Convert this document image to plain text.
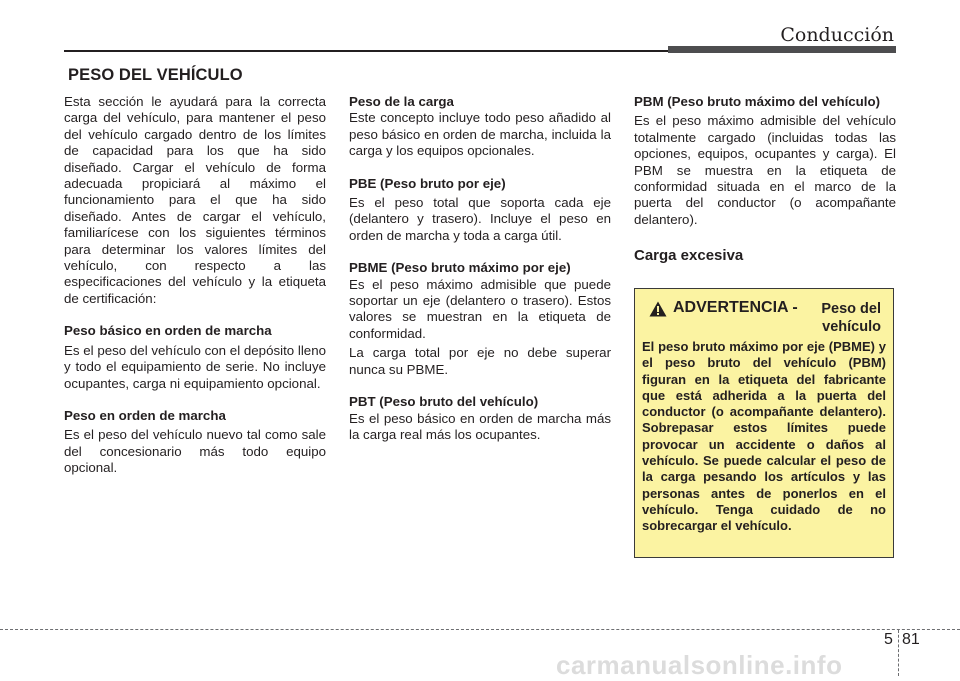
Conducción
PESO DEL VEHÍCULO

Esta sección le ayudará para la correcta carga del vehículo, para mantener el peso del vehículo cargado dentro de los límites de capacidad para los que ha sido diseñado. Cargar el vehículo de forma adecuada propiciará al máximo el funcionamiento para el que ha sido diseñado. Antes de cargar el vehículo, familiarícese con los siguientes términos para determinar los valores límites del vehículo, con respecto a las especificaciones del vehículo y la etiqueta de certificación:

Peso básico en orden de marcha

Es el peso del vehículo con el depósito lleno y todo el equipamiento de serie. No incluye ocupantes, carga ni equipamiento opcional.

Peso en orden de marcha

Es el peso del vehículo nuevo tal como sale del concesionario más todo equipo opcional.

Peso de la carga

Este concepto incluye todo peso añadido al peso básico en orden de marcha, incluida la carga y los equipos opcionales.

PBE (Peso bruto por eje)

Es el peso total que soporta cada eje (delantero y trasero). Incluye el peso en orden de marcha y toda a carga útil.

PBME (Peso bruto máximo por eje)

Es el peso máximo admisible que puede soportar un eje (delantero o trasero). Estos valores se muestran en la etiqueta de conformidad.

La carga total por eje no debe superar nunca su PBME.

PBT (Peso bruto del vehículo)

Es el peso básico en orden de marcha más la carga real más los ocupantes.

PBM (Peso bruto máximo del vehículo)

Es el peso máximo admisible del vehículo totalmente cargado (incluidas todas las opciones, equipos, ocupantes y carga). El PBM se muestra en la etiqueta de conformidad situada en el marco de la puerta del conductor (o acompañante delantero).

Carga excesiva
ADVERTENCIA - Peso del
vehículo

El peso bruto máximo por eje (PBME) y el peso bruto del vehículo (PBM) figuran en la etiqueta del fabricante que está adherida a la puerta del conductor (o acompañante delantero). Sobrepasar estos límites puede provocar un accidente o daños al vehículo. Se puede calcular el peso de la carga pesando los artículos y las personas antes de ponerlos en el vehículo. Tenga cuidado de no sobrecargar el vehículo.

5 81
carmanualsonline.info
